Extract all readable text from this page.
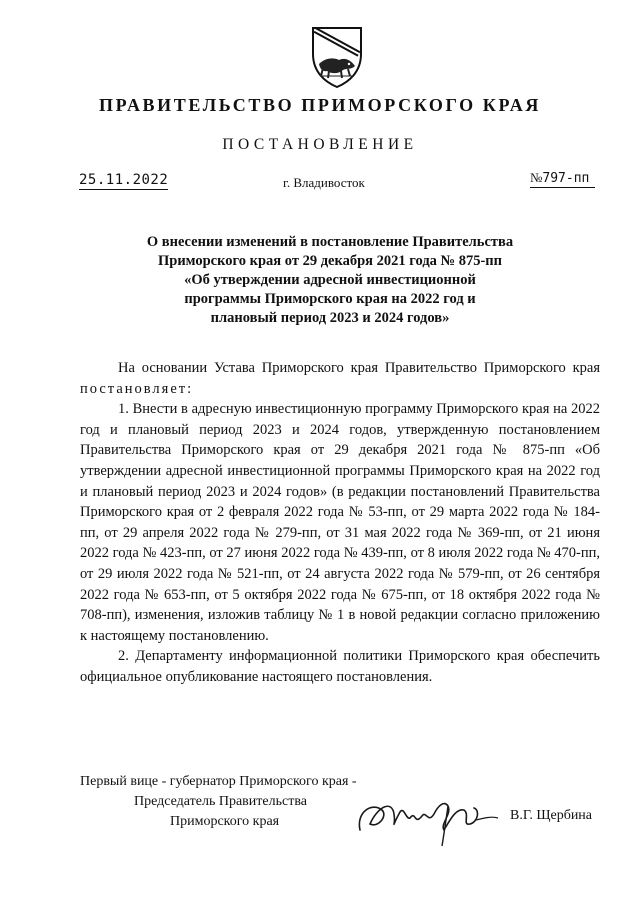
ПРАВИТЕЛЬСТВО ПРИМОРСКОГО КРАЯ
ПОСТАНОВЛЕНИЕ
25.11.2022	г. Владивосток	№797-пп
О внесении изменений в постановление Правительства
Приморского края от 29 декабря 2021 года № 875-пп
«Об утверждении адресной инвестиционной
программы Приморского края на 2022 год и
плановый период 2023 и 2024 годов»

На основании Устава Приморского края Правительство Приморского края постановляет:

1. Внести в адресную инвестиционную программу Приморского края на 2022 год и плановый период 2023 и 2024 годов, утвержденную постановлением Правительства Приморского края от 29 декабря 2021 года № 875-пп «Об утверждении адресной инвестиционной программы Приморского края на 2022 год и плановый период 2023 и 2024 годов» (в редакции постановлений Правительства Приморского края от 2 февраля 2022 года № 53-пп, от 29 марта 2022 года № 184-пп, от 29 апреля 2022 года № 279-пп, от 31 мая 2022 года № 369-пп, от 21 июня 2022 года № 423-пп, от 27 июня 2022 года № 439-пп, от 8 июля 2022 года № 470-пп, от 29 июля 2022 года № 521-пп, от 24 августа 2022 года № 579-пп, от 26 сентября 2022 года № 653-пп, от 5 октября 2022 года № 675-пп, от 18 октября 2022 года № 708-пп), изменения, изложив таблицу № 1 в новой редакции согласно приложению к настоящему постановлению.

2. Департаменту информационной политики Приморского края обеспечить официальное опубликование настоящего постановления.

Первый вице - губернатор Приморского края -
Председатель Правительства
Приморского края	В.Г. Щербина
